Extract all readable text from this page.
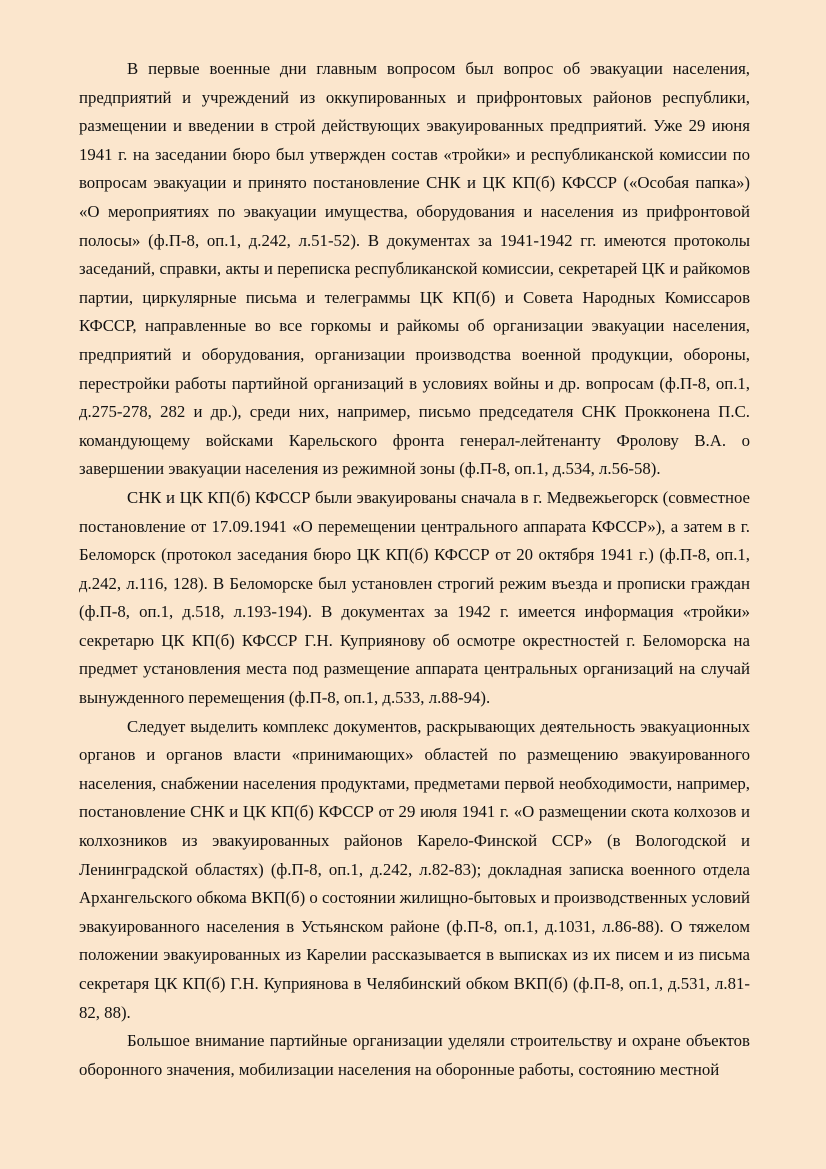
В первые военные дни главным вопросом был вопрос об эвакуации населения, предприятий и учреждений из оккупированных и прифронтовых районов республики, размещении и введении в строй действующих эвакуированных предприятий. Уже 29 июня 1941 г. на заседании бюро был утвержден состав «тройки» и республиканской комиссии по вопросам эвакуации и принято постановление СНК и ЦК КП(б) КФССР («Особая папка») «О мероприятиях по эвакуации имущества, оборудования и населения из прифронтовой полосы» (ф.П-8, оп.1, д.242, л.51-52). В документах за 1941-1942 гг. имеются протоколы заседаний, справки, акты и переписка республиканской комиссии, секретарей ЦК и райкомов партии, циркулярные письма и телеграммы ЦК КП(б) и Совета Народных Комиссаров КФССР, направленные во все горкомы и райкомы об организации эвакуации населения, предприятий и оборудования, организации производства военной продукции, обороны, перестройки работы партийной организаций в условиях войны и др. вопросам (ф.П-8, оп.1, д.275-278, 282 и др.), среди них, например, письмо председателя СНК Прокконена П.С. командующему войсками Карельского фронта генерал-лейтенанту Фролову В.А. о завершении эвакуации населения из режимной зоны (ф.П-8, оп.1, д.534, л.56-58).

СНК и ЦК КП(б) КФССР были эвакуированы сначала в г. Медвежьегорск (совместное постановление от 17.09.1941 «О перемещении центрального аппарата КФССР»), а затем в г. Беломорск (протокол заседания бюро ЦК КП(б) КФССР от 20 октября 1941 г.) (ф.П-8, оп.1, д.242, л.116, 128). В Беломорске был установлен строгий режим въезда и прописки граждан (ф.П-8, оп.1, д.518, л.193-194). В документах за 1942 г. имеется информация «тройки» секретарю ЦК КП(б) КФССР Г.Н. Куприянову об осмотре окрестностей г. Беломорска на предмет установления места под размещение аппарата центральных организаций на случай вынужденного перемещения (ф.П-8, оп.1, д.533, л.88-94).

Следует выделить комплекс документов, раскрывающих деятельность эвакуационных органов и органов власти «принимающих» областей по размещению эвакуированного населения, снабжении населения продуктами, предметами первой необходимости, например, постановление СНК и ЦК КП(б) КФССР от 29 июля 1941 г. «О размещении скота колхозов и колхозников из эвакуированных районов Карело-Финской ССР» (в Вологодской и Ленинградской областях) (ф.П-8, оп.1, д.242, л.82-83); докладная записка военного отдела Архангельского обкома ВКП(б) о состоянии жилищно-бытовых и производственных условий эвакуированного населения в Устьянском районе (ф.П-8, оп.1, д.1031, л.86-88). О тяжелом положении эвакуированных из Карелии рассказывается в выписках из их писем и из письма секретаря ЦК КП(б) Г.Н. Куприянова в Челябинский обком ВКП(б) (ф.П-8, оп.1, д.531, л.81-82, 88).

Большое внимание партийные организации уделяли строительству и охране объектов оборонного значения, мобилизации населения на оборонные работы, состоянию местной
